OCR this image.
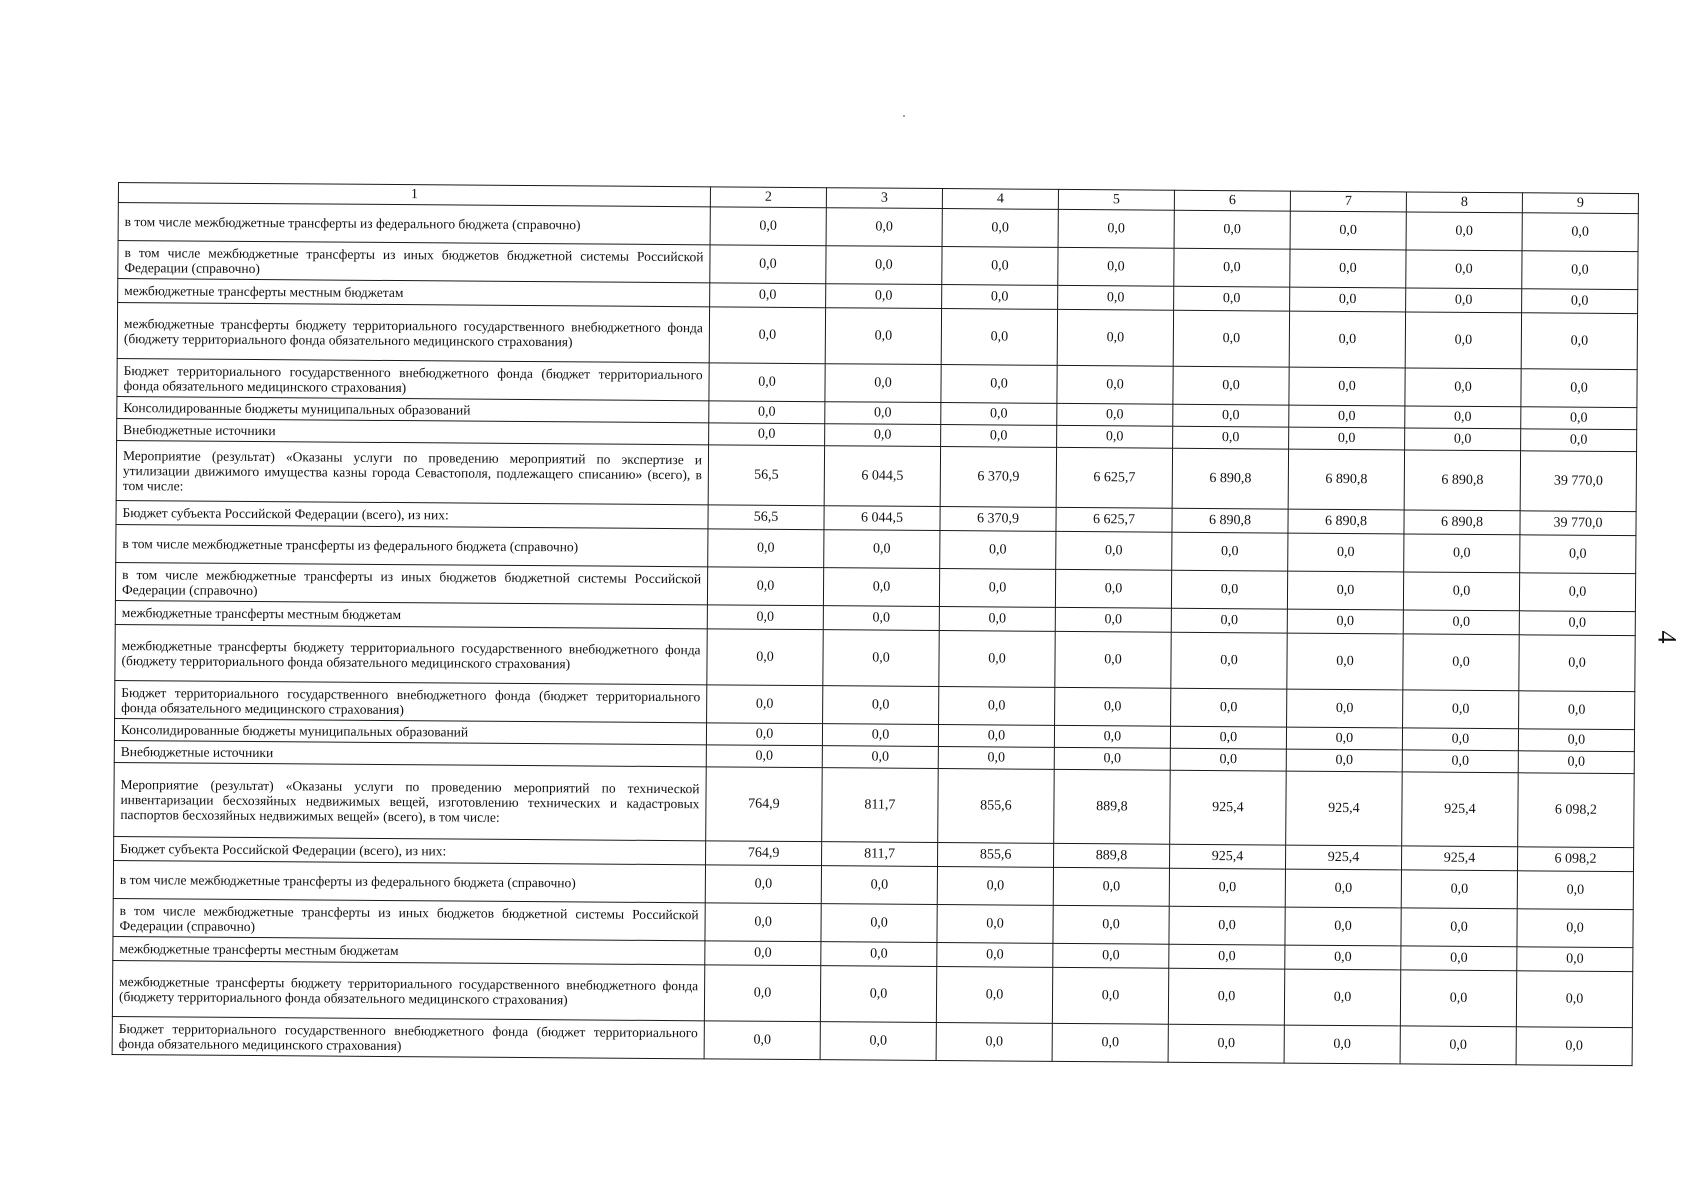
1	2	3	4	5	6	7	8	9
в том числе межбюджетные трансферты из федерального бюджета (справочно)	0,0	0,0	0,0	0,0	0,0	0,0	0,0	0,0
в том числе межбюджетные трансферты из иных бюджетов бюджетной системы Российской Федерации (справочно)	0,0	0,0	0,0	0,0	0,0	0,0	0,0	0,0
межбюджетные трансферты местным бюджетам	0,0	0,0	0,0	0,0	0,0	0,0	0,0	0,0
межбюджетные трансферты бюджету территориального государственного внебюджетного фонда (бюджету территориального фонда обязательного медицинского страхования)	0,0	0,0	0,0	0,0	0,0	0,0	0,0	0,0
Бюджет территориального государственного внебюджетного фонда (бюджет территориального фонда обязательного медицинского страхования)	0,0	0,0	0,0	0,0	0,0	0,0	0,0	0,0
Консолидированные бюджеты муниципальных образований	0,0	0,0	0,0	0,0	0,0	0,0	0,0	0,0
Внебюджетные источники	0,0	0,0	0,0	0,0	0,0	0,0	0,0	0,0
Мероприятие (результат) «Оказаны услуги по проведению мероприятий по экспертизе и утилизации движимого имущества казны города Севастополя, подлежащего списанию» (всего), в том числе:	56,5	6 044,5	6 370,9	6 625,7	6 890,8	6 890,8	6 890,8	39 770,0
Бюджет субъекта Российской Федерации (всего), из них:	56,5	6 044,5	6 370,9	6 625,7	6 890,8	6 890,8	6 890,8	39 770,0
в том числе межбюджетные трансферты из федерального бюджета (справочно)	0,0	0,0	0,0	0,0	0,0	0,0	0,0	0,0
в том числе межбюджетные трансферты из иных бюджетов бюджетной системы Российской Федерации (справочно)	0,0	0,0	0,0	0,0	0,0	0,0	0,0	0,0
межбюджетные трансферты местным бюджетам	0,0	0,0	0,0	0,0	0,0	0,0	0,0	0,0
межбюджетные трансферты бюджету территориального государственного внебюджетного фонда (бюджету территориального фонда обязательного медицинского страхования)	0,0	0,0	0,0	0,0	0,0	0,0	0,0	0,0
Бюджет территориального государственного внебюджетного фонда (бюджет территориального фонда обязательного медицинского страхования)	0,0	0,0	0,0	0,0	0,0	0,0	0,0	0,0
Консолидированные бюджеты муниципальных образований	0,0	0,0	0,0	0,0	0,0	0,0	0,0	0,0
Внебюджетные источники	0,0	0,0	0,0	0,0	0,0	0,0	0,0	0,0
Мероприятие (результат) «Оказаны услуги по проведению мероприятий по технической инвентаризации бесхозяйных недвижимых вещей, изготовлению технических и кадастровых паспортов бесхозяйных недвижимых вещей» (всего), в том числе:	764,9	811,7	855,6	889,8	925,4	925,4	925,4	6 098,2
Бюджет субъекта Российской Федерации (всего), из них:	764,9	811,7	855,6	889,8	925,4	925,4	925,4	6 098,2
в том числе межбюджетные трансферты из федерального бюджета (справочно)	0,0	0,0	0,0	0,0	0,0	0,0	0,0	0,0
в том числе межбюджетные трансферты из иных бюджетов бюджетной системы Российской Федерации (справочно)	0,0	0,0	0,0	0,0	0,0	0,0	0,0	0,0
межбюджетные трансферты местным бюджетам	0,0	0,0	0,0	0,0	0,0	0,0	0,0	0,0
межбюджетные трансферты бюджету территориального государственного внебюджетного фонда (бюджету территориального фонда обязательного медицинского страхования)	0,0	0,0	0,0	0,0	0,0	0,0	0,0	0,0
Бюджет территориального государственного внебюджетного фонда (бюджет территориального фонда обязательного медицинского страхования)	0,0	0,0	0,0	0,0	0,0	0,0	0,0	0,0
4
